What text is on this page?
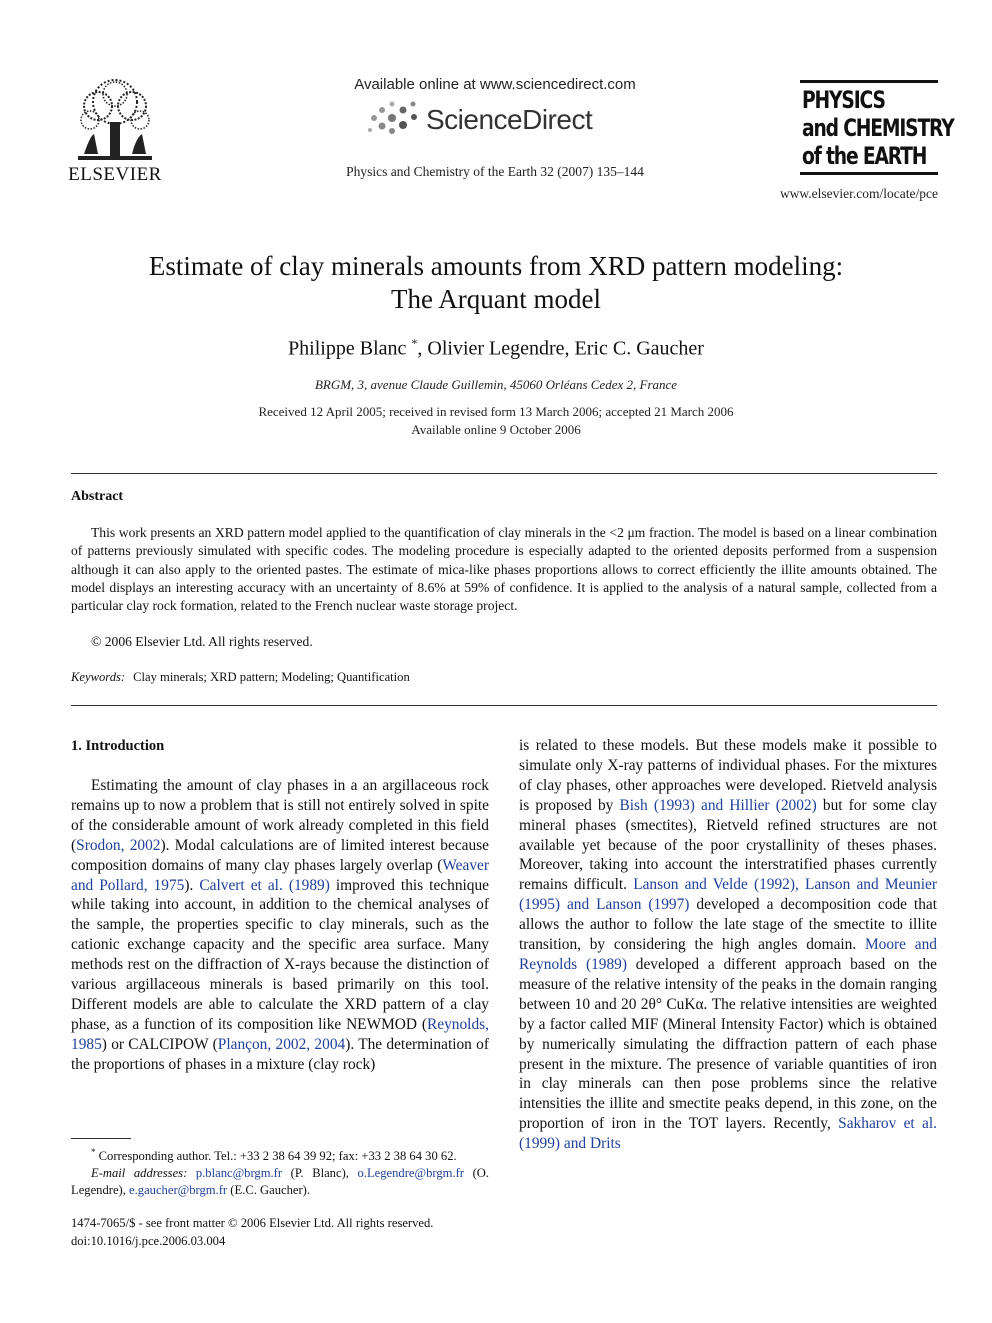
ELSEVIER
Available online at www.sciencedirect.com
ScienceDirect
Physics and Chemistry of the Earth 32 (2007) 135–144
PHYSICS
and CHEMISTRY
of the EARTH
www.elsevier.com/locate/pce
Estimate of clay minerals amounts from XRD pattern modeling:
The Arquant model
Philippe Blanc *, Olivier Legendre, Eric C. Gaucher
BRGM, 3, avenue Claude Guillemin, 45060 Orléans Cedex 2, France
Received 12 April 2005; received in revised form 13 March 2006; accepted 21 March 2006
Available online 9 October 2006
Abstract
This work presents an XRD pattern model applied to the quantification of clay minerals in the <2 μm fraction. The model is based on a linear combination of patterns previously simulated with specific codes. The modeling procedure is especially adapted to the oriented deposits performed from a suspension although it can also apply to the oriented pastes. The estimate of mica-like phases proportions allows to correct efficiently the illite amounts obtained. The model displays an interesting accuracy with an uncertainty of 8.6% at 59% of confidence. It is applied to the analysis of a natural sample, collected from a particular clay rock formation, related to the French nuclear waste storage project.
© 2006 Elsevier Ltd. All rights reserved.
Keywords: Clay minerals; XRD pattern; Modeling; Quantification
1. Introduction
Estimating the amount of clay phases in a an argillaceous rock remains up to now a problem that is still not entirely solved in spite of the considerable amount of work already completed in this field (Srodon, 2002). Modal calculations are of limited interest because composition domains of many clay phases largely overlap (Weaver and Pollard, 1975). Calvert et al. (1989) improved this technique while taking into account, in addition to the chemical analyses of the sample, the properties specific to clay minerals, such as the cationic exchange capacity and the specific area surface. Many methods rest on the diffraction of X-rays because the distinction of various argillaceous minerals is based primarily on this tool. Different models are able to calculate the XRD pattern of a clay phase, as a function of its composition like NEWMOD (Reynolds, 1985) or CALCIPOW (Plançon, 2002, 2004). The determination of the proportions of phases in a mixture (clay rock)
is related to these models. But these models make it possible to simulate only X-ray patterns of individual phases. For the mixtures of clay phases, other approaches were developed. Rietveld analysis is proposed by Bish (1993) and Hillier (2002) but for some clay mineral phases (smectites), Rietveld refined structures are not available yet because of the poor crystallinity of theses phases. Moreover, taking into account the interstratified phases currently remains difficult. Lanson and Velde (1992), Lanson and Meunier (1995) and Lanson (1997) developed a decomposition code that allows the author to follow the late stage of the smectite to illite transition, by considering the high angles domain. Moore and Reynolds (1989) developed a different approach based on the measure of the relative intensity of the peaks in the domain ranging between 10 and 20 2θ° CuKα. The relative intensities are weighted by a factor called MIF (Mineral Intensity Factor) which is obtained by numerically simulating the diffraction pattern of each phase present in the mixture. The presence of variable quantities of iron in clay minerals can then pose problems since the relative intensities the illite and smectite peaks depend, in this zone, on the proportion of iron in the TOT layers. Recently, Sakharov et al. (1999) and Drits
* Corresponding author. Tel.: +33 2 38 64 39 92; fax: +33 2 38 64 30 62.
E-mail addresses: p.blanc@brgm.fr (P. Blanc), o.Legendre@brgm.fr (O. Legendre), e.gaucher@brgm.fr (E.C. Gaucher).
1474-7065/$ - see front matter © 2006 Elsevier Ltd. All rights reserved.
doi:10.1016/j.pce.2006.03.004
